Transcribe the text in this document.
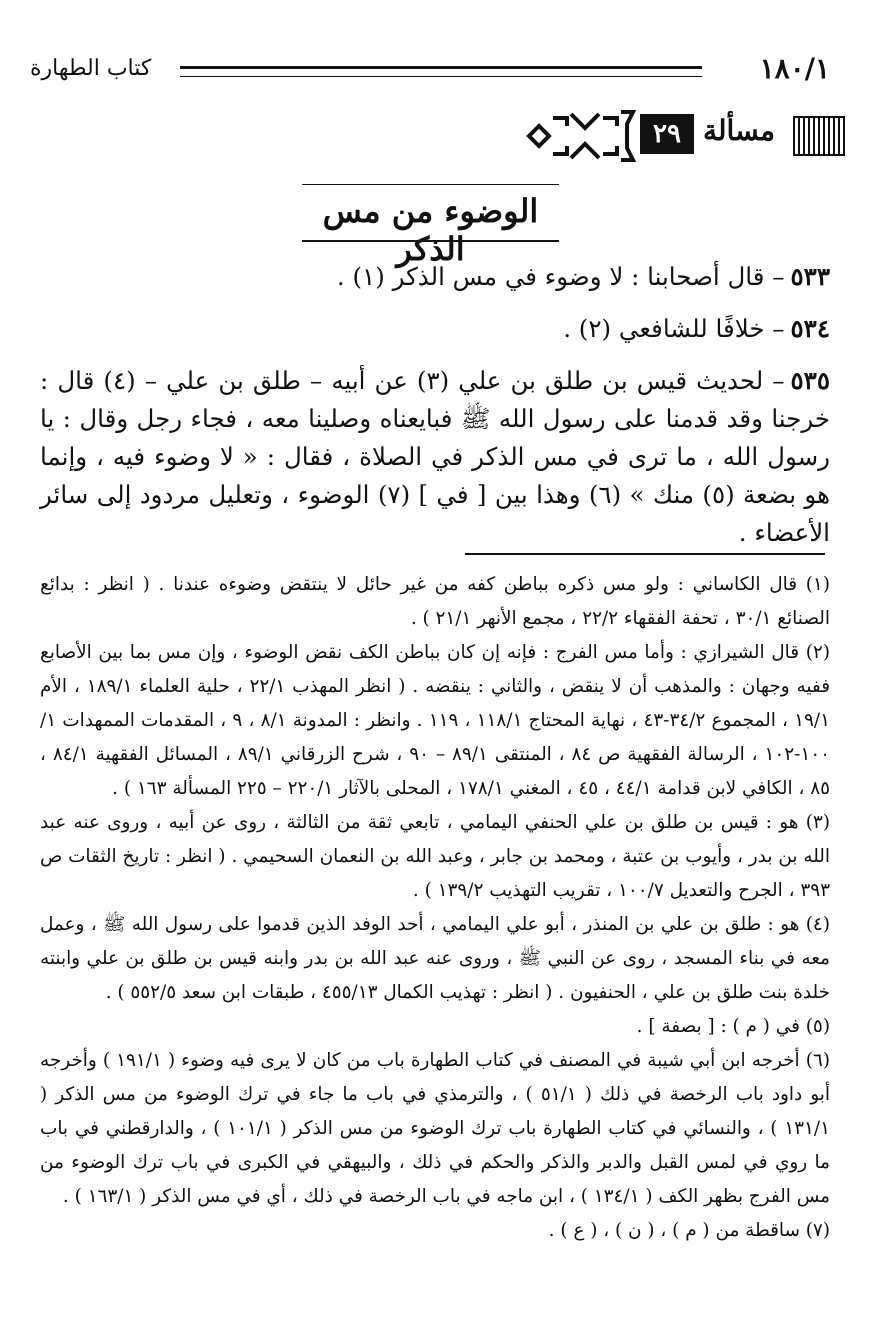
كتاب الطهارة	١٨٠/١
٢٩ مسألة
الوضوء من مس الذكر

٥٣٣– قال أصحابنا : لا وضوء في مس الذكر (١) .

٥٣٤– خلافًا للشافعي (٢) .

٥٣٥– لحديث قيس بن طلق بن علي (٣) عن أبيه – طلق بن علي – (٤) قال : خرجنا وقد قدمنا على رسول الله ﷺ فبايعناه وصلينا معه ، فجاء رجل وقال : يا رسول الله ، ما ترى في مس الذكر في الصلاة ، فقال : « لا وضوء فيه ، وإنما هو بضعة (٥) منك » (٦) وهذا بين [ في ] (٧) الوضوء ، وتعليل مردود إلى سائر الأعضاء .

(١) قال الكاساني : ولو مس ذكره بباطن كفه من غير حائل لا ينتقض وضوءه عندنا . ( انظر : بدائع الصنائع ٣٠/١ ، تحفة الفقهاء ٢٢/٢ ، مجمع الأنهر ٢١/١ ) .

(٢) قال الشيرازي : وأما مس الفرج : فإنه إن كان بباطن الكف نقض الوضوء ، وإن مس بما بين الأصابع ففيه وجهان : والمذهب أن لا ينقض ، والثاني : ينقضه . ( انظر المهذب ٢٢/١ ، حلية العلماء ١٨٩/١ ، الأم ١٩/١ ، المجموع ٣٤/٢-٤٣ ، نهاية المحتاج ١١٨/١ ، ١١٩ . وانظر : المدونة ٨/١ ، ٩ ، المقدمات الممهدات ١/ ١٠٠-١٠٢ ، الرسالة الفقهية ص ٨٤ ، المنتقى ٨٩/١ – ٩٠ ، شرح الزرقاني ٨٩/١ ، المسائل الفقهية ٨٤/١ ، ٨٥ ، الكافي لابن قدامة ٤٤/١ ، ٤٥ ، المغني ١٧٨/١ ، المحلى بالآثار ٢٢٠/١ – ٢٢٥ المسألة ١٦٣ ) .

(٣) هو : قيس بن طلق بن علي الحنفي اليمامي ، تابعي ثقة من الثالثة ، روى عن أبيه ، وروى عنه عبد الله بن بدر ، وأيوب بن عتبة ، ومحمد بن جابر ، وعبد الله بن النعمان السحيمي . ( انظر : تاريخ الثقات ص ٣٩٣ ، الجرح والتعديل ١٠٠/٧ ، تقريب التهذيب ١٣٩/٢ ) .

(٤) هو : طلق بن علي بن المنذر ، أبو علي اليمامي ، أحد الوفد الذين قدموا على رسول الله ﷺ ، وعمل معه في بناء المسجد ، روى عن النبي ﷺ ، وروى عنه عبد الله بن بدر وابنه قيس بن طلق بن علي وابنته خلدة بنت طلق بن علي ، الحنفيون . ( انظر : تهذيب الكمال ٤٥٥/١٣ ، طبقات ابن سعد ٥٥٢/٥ ) .

(٥) في ( م ) : [ بصفة ] .

(٦) أخرجه ابن أبي شيبة في المصنف في كتاب الطهارة باب من كان لا يرى فيه وضوء ( ١٩١/١ ) وأخرجه أبو داود باب الرخصة في ذلك ( ٥١/١ ) ، والترمذي في باب ما جاء في ترك الوضوء من مس الذكر ( ١٣١/١ ) ، والنسائي في كتاب الطهارة باب ترك الوضوء من مس الذكر ( ١٠١/١ ) ، والدارقطني في باب ما روي في لمس القبل والدبر والذكر والحكم في ذلك ، والبيهقي في الكبرى في باب ترك الوضوء من مس الفرج بظهر الكف ( ١٣٤/١ ) ، ابن ماجه في باب الرخصة في ذلك ، أي في مس الذكر ( ١٦٣/١ ) .

(٧) ساقطة من ( م ) ، ( ن ) ، ( ع ) .
